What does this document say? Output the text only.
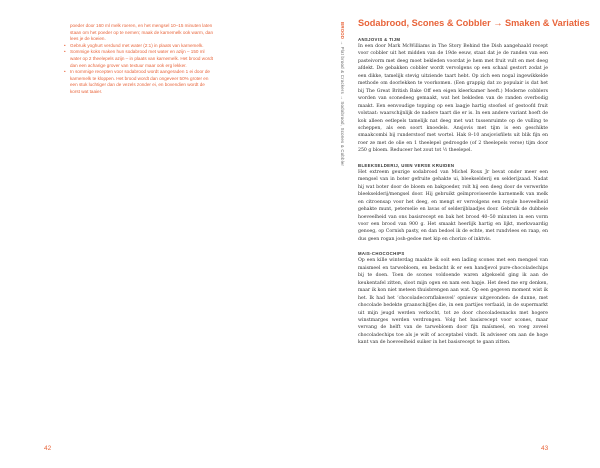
poeder door 160 ml melk roeren, en het mengsel 10–15 minuten laten staan om het poeder op te nemen; maak de karnemelk ook warm, dan lees je de koeien.

• Gebruik yoghurt verdund met water (2:1) in plaats van karnemelk.

• Sommige koks maken hun sodabrood met water en azijn – 150 ml water op 2 theelepels azijn – in plaats van karnemelk. Het brood wordt dan een acharige grover van textuur maar ook erg lekker.

• In sommige recepten voor sodabrood wordt aangeraden 1 ei door de karnemelk te kloppen. Het brood wordt dan ongeveer 50% groter en een stuk luchtiger dan de vezels zonder ei, en bovendien wordt de korst wat taaier.

42
BROOD → Plat brood & Crackers → Sodabrood, Scones & Cobbler
Sodabrood, Scones & Cobbler → Smaken & Variaties
ANSJOVIS & TIJM

In een door Mark McWilliams in The Story Behind the Dish aangehaald recept voor cobbler uit het midden van de 19de eeuw, staat dat je de randen van een pasteivorm met deeg moet bekleden voordat je hem met fruit vult en met deeg afdekt. De gebakken cobbler wordt vervolgens op een schaal gestort zodat je een dikke, tamelijk stevig uitziende taart hebt. Op zich een nogal ingewikkelde methode om doorlekken te voorkomen. (Een grappig dat zo populair is dat het bij The Great British Bake Off een eigen kleerkamer heeft.) Moderne cobblers worden van sconedeeg gemaakt, wat het bekleden van de randen overbodig maakt. Een eenvoudige topping op een laagje hartig stoofsel of gestoofd fruit volstaat: waarschijnlijk de nadere taart die er is. In een andere variant hoeft de kok alleen eetlepels tamelijk nat deeg met wat tussenruimte op de vulling te scheppen, als een soort knoedels. Ansjovis met tijm is een geschikte smaakcombi bij runderstoof met wortel. Hak 8–10 ansjovisfilets uit blik fijn en roer ze met de olie en 1 theelepel gedroogde (of 2 theelepels verse) tijm door 250 g bloem. Reduceer het zout tot ½ theelepel.

BLEEKSELDERIJ, UIEN VERSE KRUIDEN

Het extreem geurige sodabrood van Michel Roux Jr bevat onder meer een mengsel van in boter gefruite gehakte ui, bleekselderij en selderijzaad. Nadat hij wat boter door de bloem en bakpoeder, rolt hij een deeg door de verwerkte bleekselderij/mengsel door. Hij gebruikt geïmproviseerde karnemelk van melk en citroensap voor het deeg, en mengt er vervolgens een royale hoeveelheid gehakte munt, peterselie en lavas of selderijblaadjes door. Gebruik de dubbele hoeveelheid van ons basisrecept en bak het brood 40–50 minuten in een vorm voor een brood van 900 g. Het smaakt heerlijk hartig en lijkt, merkwaardig genoeg, op Cornish pasty, en dan bedoel ik de echte, met rundvlees en raap, en dus geen rogan josh-gedoe met kip en chorizo of inktvis.

MAIS-CHOCOCHIPS

Op een kille winterdag maakte ik ooit een lading scones met een mengsel van maismeel en tarwebloem, en bedacht ik er een handjevol pure-chocoladechips bij te doen. Toen de scones voldoende waren afgekoeld ging ik aan de keukentafel zitten, sloot mijn ogen en nam een hapje. Het deed me erg denken, maar ik kon niet meteen thuisbrengen aan wat. Op een gegeven moment wist ik het. Ik had het ‘chocoladecornflakesvel’ opnieuw uitgevonden: de dunne, met chocolade bedekte graanschijfjes die, in een partijes verfaaid, in de supermarkt uit mijn jeugd werden verkocht, tot ze door chocoladesnacks met hogere winstmarges werden verdrongen. Volg het basisrecept voor scones, maar vervang de helft van de tarwebloem door fijn maïsmeel, en voeg zoveel chocoladechips toe als je wilt of acceptabel vindt. Ik adviseer om aan de hoge kant van de hoeveelheid suiker in het basisrecept te gaan zitten.

43
